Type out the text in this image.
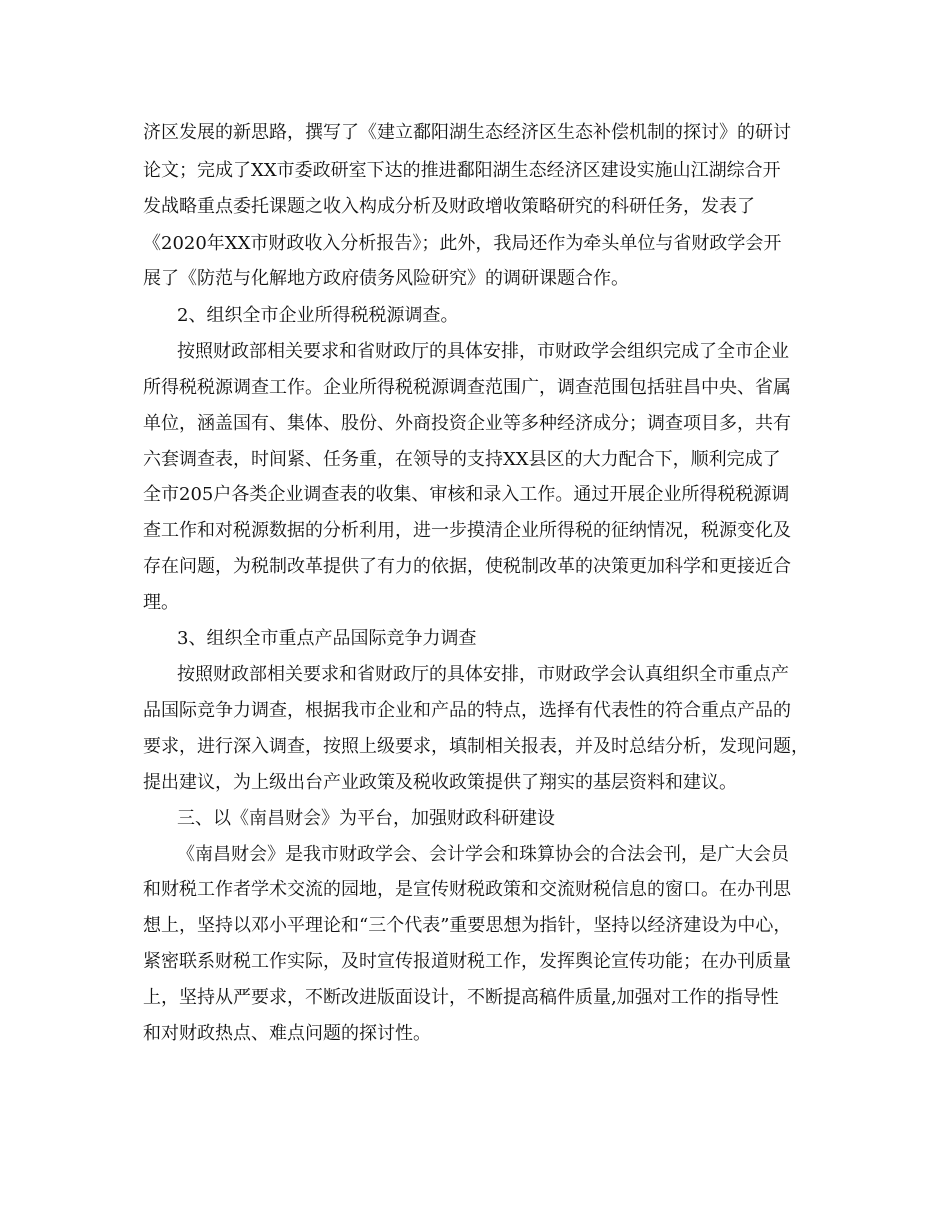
济区发展的新思路，撰写了《建立鄱阳湖生态经济区生态补偿机制的探讨》的研讨
论文；完成了XX市委政研室下达的推进鄱阳湖生态经济区建设实施山江湖综合开
发战略重点委托课题之收入构成分析及财政增收策略研究的科研任务，发表了
《2020年XX市财政收入分析报告》；此外，我局还作为牵头单位与省财政学会开
展了《防范与化解地方政府债务风险研究》的调研课题合作。
2、组织全市企业所得税税源调查。
按照财政部相关要求和省财政厅的具体安排，市财政学会组织完成了全市企业
所得税税源调查工作。企业所得税税源调查范围广，调查范围包括驻昌中央、省属
单位，涵盖国有、集体、股份、外商投资企业等多种经济成分；调查项目多，共有
六套调查表，时间紧、任务重，在领导的支持XX县区的大力配合下，顺利完成了
全市205户各类企业调查表的收集、审核和录入工作。通过开展企业所得税税源调
查工作和对税源数据的分析利用，进一步摸清企业所得税的征纳情况，税源变化及
存在问题，为税制改革提供了有力的依据，使税制改革的决策更加科学和更接近合
理。
3、组织全市重点产品国际竞争力调查
按照财政部相关要求和省财政厅的具体安排，市财政学会认真组织全市重点产
品国际竞争力调查，根据我市企业和产品的特点，选择有代表性的符合重点产品的
要求，进行深入调查，按照上级要求，填制相关报表，并及时总结分析，发现问题，
提出建议，为上级出台产业政策及税收政策提供了翔实的基层资料和建议。
三、以《南昌财会》为平台，加强财政科研建设
《南昌财会》是我市财政学会、会计学会和珠算协会的合法会刊，是广大会员
和财税工作者学术交流的园地，是宣传财税政策和交流财税信息的窗口。在办刊思
想上，坚持以邓小平理论和“三个代表”重要思想为指针，坚持以经济建设为中心，
紧密联系财税工作实际，及时宣传报道财税工作，发挥舆论宣传功能；在办刊质量
上，坚持从严要求，不断改进版面设计，不断提高稿件质量,加强对工作的指导性
和对财政热点、难点问题的探讨性。
